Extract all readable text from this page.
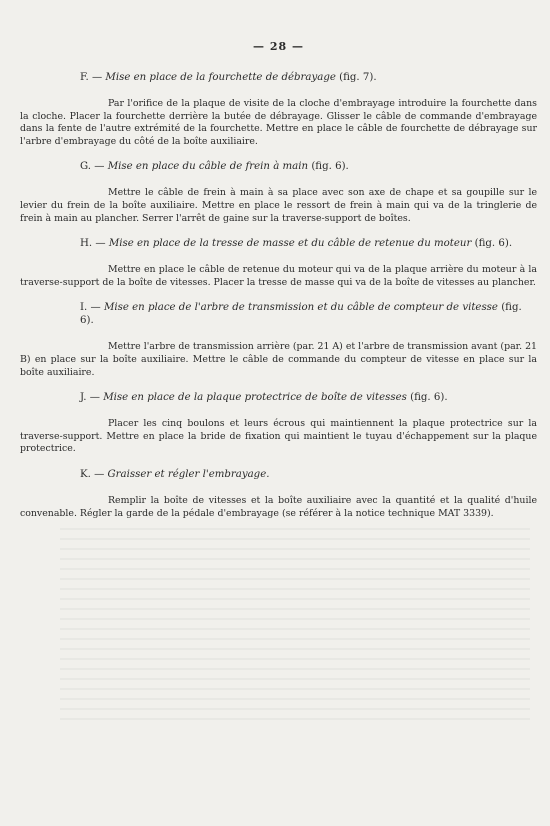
— 28 —
F. — Mise en place de la fourchette de débrayage (fig. 7).

Par l'orifice de la plaque de visite de la cloche d'embrayage introduire la fourchette dans la cloche. Placer la fourchette derrière la butée de débrayage. Glisser le câble de commande d'embrayage dans la fente de l'autre extrémité de la fourchette. Mettre en place le câble de fourchette de débrayage sur l'arbre d'embrayage du côté de la boîte auxiliaire.

G. — Mise en place du câble de frein à main (fig. 6).

Mettre le câble de frein à main à sa place avec son axe de chape et sa goupille sur le levier du frein de la boîte auxiliaire. Mettre en place le ressort de frein à main qui va de la tringlerie de frein à main au plancher. Serrer l'arrêt de gaine sur la traverse-support de boîtes.

H. — Mise en place de la tresse de masse et du câble de retenue du moteur (fig. 6).

Mettre en place le câble de retenue du moteur qui va de la plaque arrière du moteur à la traverse-support de la boîte de vitesses. Placer la tresse de masse qui va de la boîte de vitesses au plancher.

I. — Mise en place de l'arbre de transmission et du câble de compteur de vitesse (fig. 6).

Mettre l'arbre de transmission arrière (par. 21 A) et l'arbre de transmission avant (par. 21 B) en place sur la boîte auxiliaire. Mettre le câble de commande du compteur de vitesse en place sur la boîte auxiliaire.

J. — Mise en place de la plaque protectrice de boîte de vitesses (fig. 6).

Placer les cinq boulons et leurs écrous qui maintiennent la plaque protectrice sur la traverse-support. Mettre en place la bride de fixation qui maintient le tuyau d'échappement sur la plaque protectrice.

K. — Graisser et régler l'embrayage.

Remplir la boîte de vitesses et la boîte auxiliaire avec la quantité et la qualité d'huile convenable. Régler la garde de la pédale d'embrayage (se référer à la notice technique MAT 3339).
